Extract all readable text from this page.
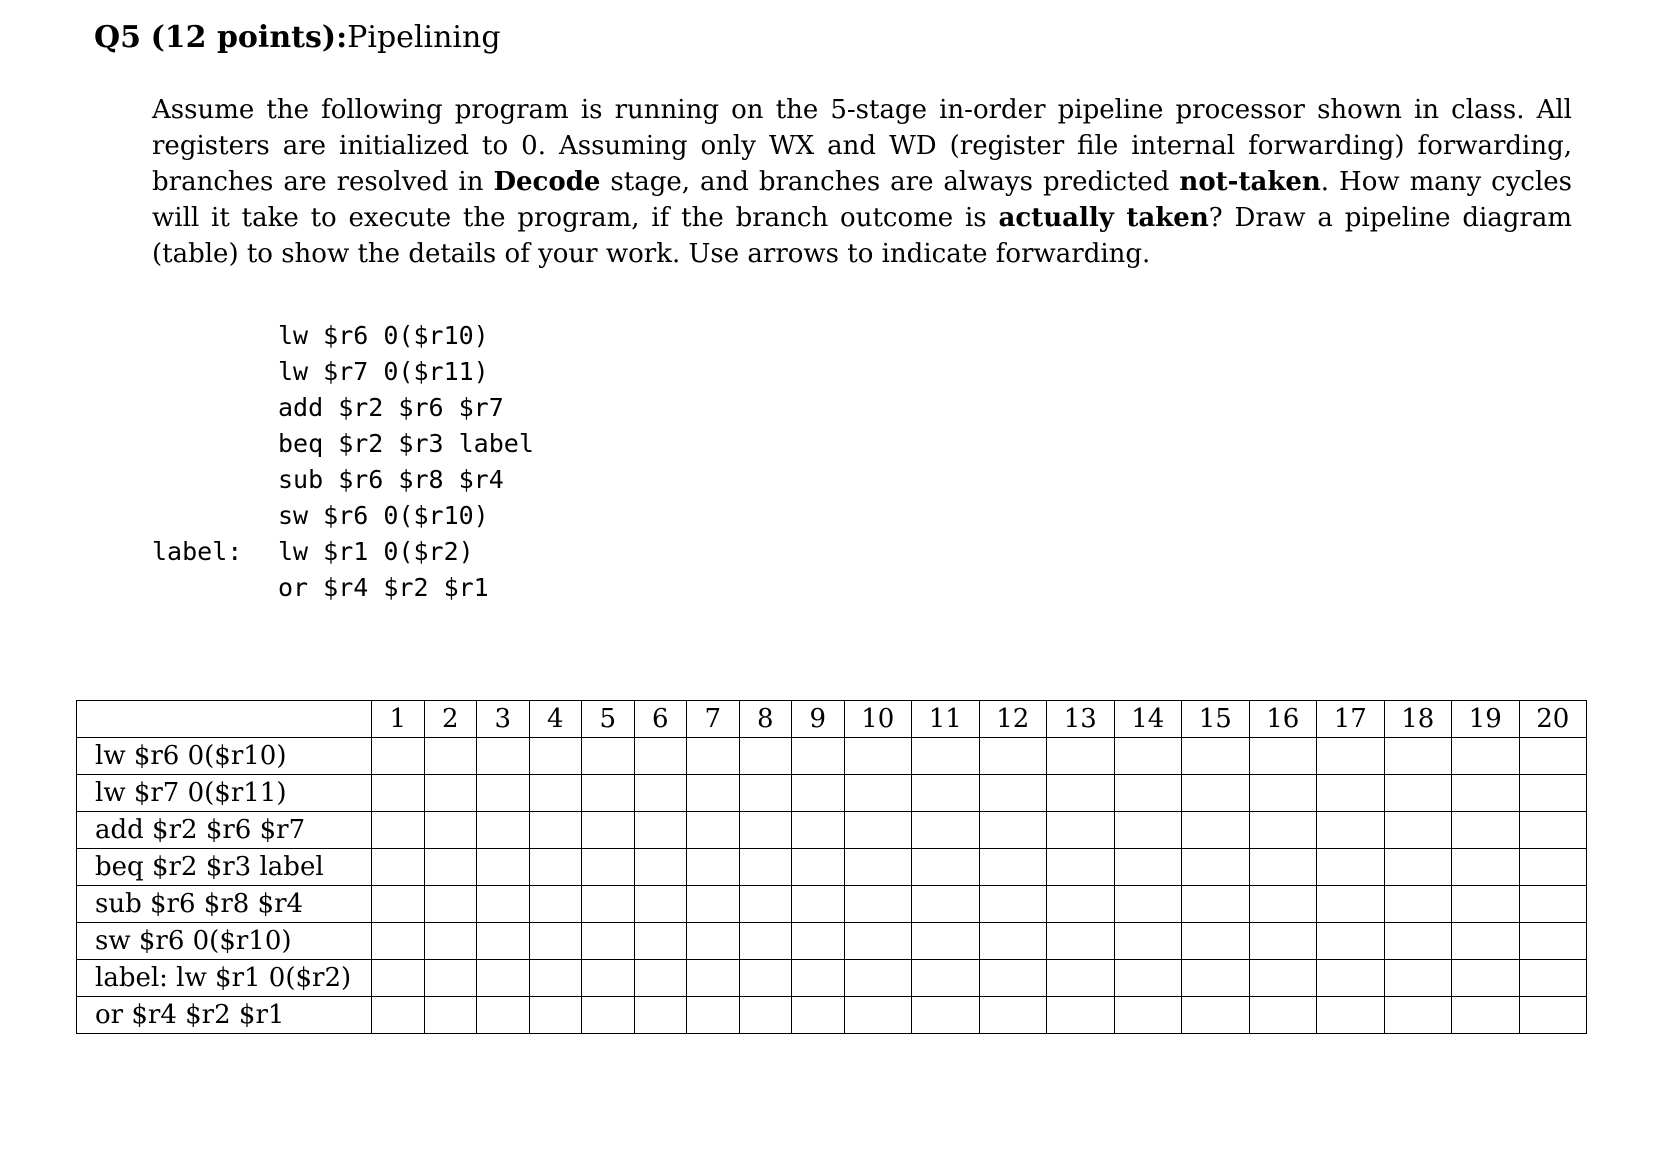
Q5 (12 points):Pipelining
Assume the following program is running on the 5-stage in-order pipeline processor shown in class. All registers are initialized to 0. Assuming only WX and WD (register file internal forwarding) forwarding, branches are resolved in Decode stage, and branches are always predicted not-taken. How many cycles will it take to execute the program, if the branch outcome is actually taken? Draw a pipeline diagram (table) to show the details of your work. Use arrows to indicate forwarding.
lw $r6 0($r10)
lw $r7 0($r11)
add $r2 $r6 $r7
beq $r2 $r3 label
sub $r6 $r8 $r4
sw $r6 0($r10)
label:	lw $r1 0($r2)
or $r4 $r2 $r1
	1	2	3	4	5	6	7	8	9	10	11	12	13	14	15	16	17	18	19	20
lw $r6 0($r10)																				
lw $r7 0($r11)																				
add $r2 $r6 $r7																				
beq $r2 $r3 label																				
sub $r6 $r8 $r4																				
sw $r6 0($r10)																				
label: lw $r1 0($r2)																				
or $r4 $r2 $r1																				
